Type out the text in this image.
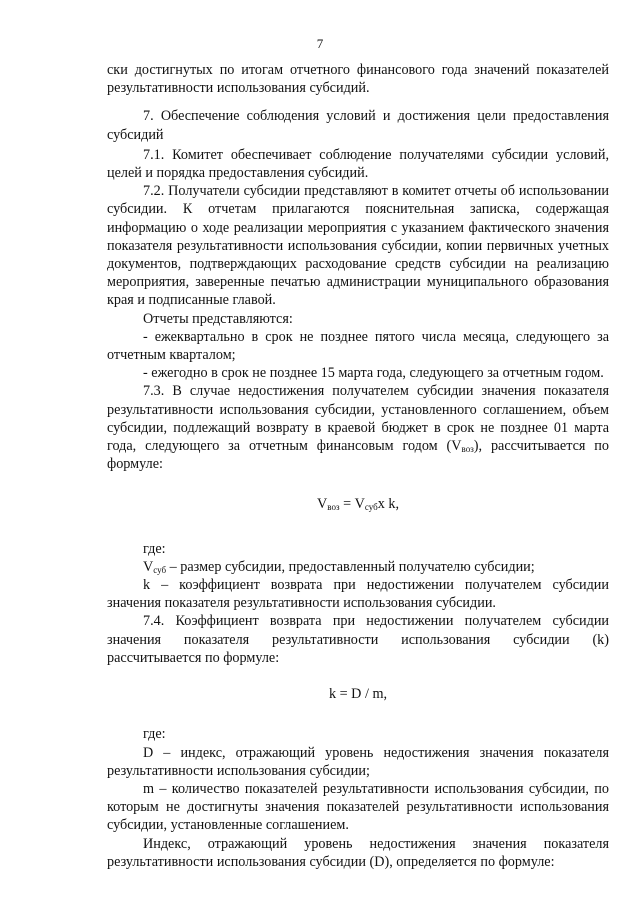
7

ски достигнутых по итогам отчетного финансового года значений показателей результативности использования субсидий.

7. Обеспечение соблюдения условий и достижения цели предоставления субсидий

7.1. Комитет обеспечивает соблюдение получателями субсидии условий, целей и порядка предоставления субсидий.

7.2. Получатели субсидии представляют в комитет отчеты об использовании субсидии. К отчетам прилагаются пояснительная записка, содержащая информацию о ходе реализации мероприятия с указанием фактического значения показателя результативности использования субсидии, копии первичных учетных документов, подтверждающих расходование средств субсидии на реализацию мероприятия, заверенные печатью администрации муниципального образования края и подписанные главой.

Отчеты представляются:

- ежеквартально в срок не позднее пятого числа месяца, следующего за отчетным кварталом;

- ежегодно в срок не позднее 15 марта года, следующего за отчетным годом.

7.3. В случае недостижения получателем субсидии значения показателя результативности использования субсидии, установленного соглашением, объем субсидии, подлежащий возврату в краевой бюджет в срок не позднее 01 марта года, следующего за отчетным финансовым годом $(V_{воз})$, рассчитывается по формуле:

$V_{воз} = V_{суб}х$ k,

где:

$V_{суб}$ – размер субсидии, предоставленный получателю субсидии;

k – коэффициент возврата при недостижении получателем субсидии значения показателя результативности использования субсидии.

7.4. Коэффициент возврата при недостижении получателем субсидии значения показателя результативности использования субсидии (k) рассчитывается по формуле:

k = D / m,

где:

D – индекс, отражающий уровень недостижения значения показателя результативности использования субсидии;

m – количество показателей результативности использования субсидии, по которым не достигнуты значения показателей результативности использования субсидии, установленные соглашением.

Индекс, отражающий уровень недостижения значения показателя результативности использования субсидии (D), определяется по формуле:
